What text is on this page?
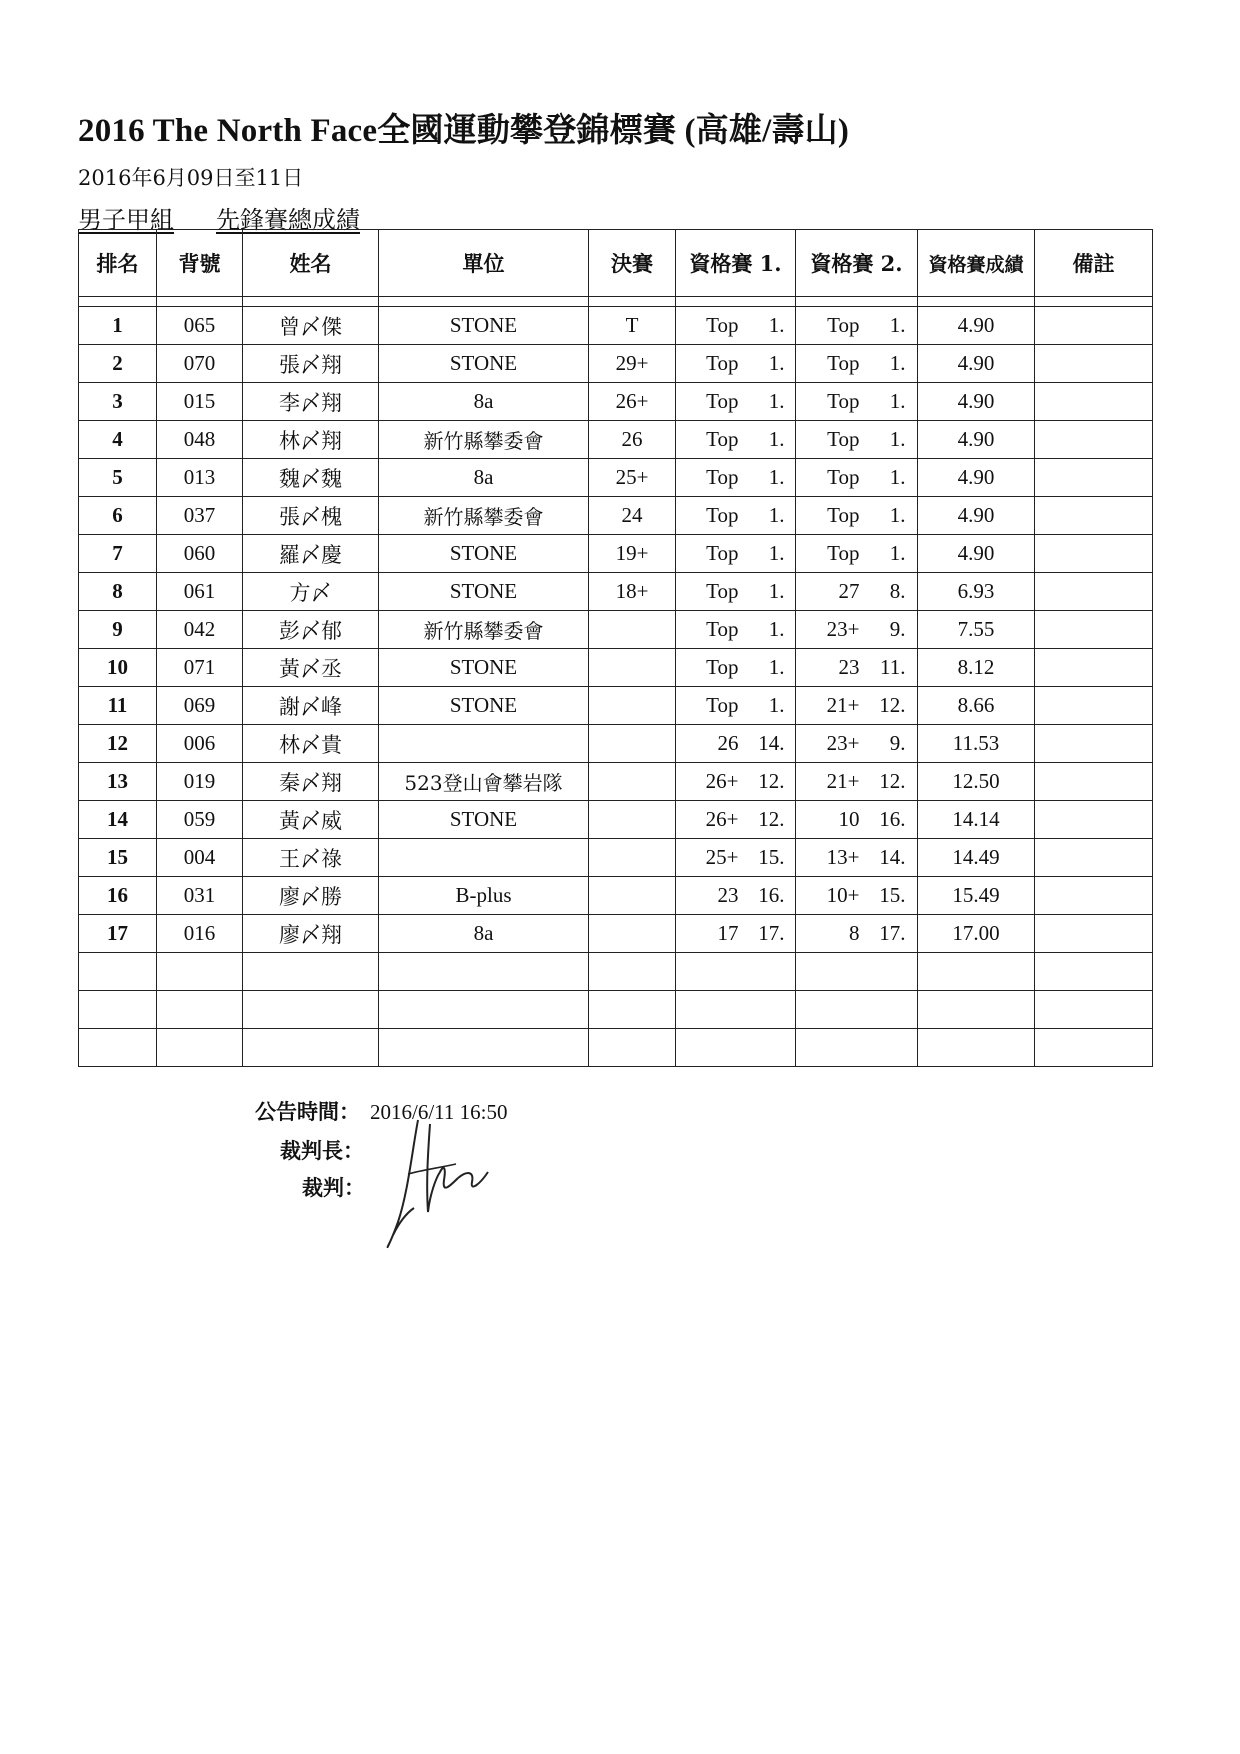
2016 The North Face全國運動攀登錦標賽 (高雄/壽山)
2016年6月09日至11日
男子甲組 先鋒賽總成績
排名	背號	姓名	單位	決賽	資格賽 1.	資格賽 2.	資格賽成績	備註

1	065	曾〆傑	STONE	T	Top 1.	Top 1.	4.90	
2	070	張〆翔	STONE	29+	Top 1.	Top 1.	4.90	
3	015	李〆翔	8a	26+	Top 1.	Top 1.	4.90	
4	048	林〆翔	新竹縣攀委會	26	Top 1.	Top 1.	4.90	
5	013	魏〆魏	8a	25+	Top 1.	Top 1.	4.90	
6	037	張〆槐	新竹縣攀委會	24	Top 1.	Top 1.	4.90	
7	060	羅〆慶	STONE	19+	Top 1.	Top 1.	4.90	
8	061	方〆	STONE	18+	Top 1.	27 8.	6.93	
9	042	彭〆郁	新竹縣攀委會		Top 1.	23+ 9.	7.55	
10	071	黃〆丞	STONE		Top 1.	23 11.	8.12	
11	069	謝〆峰	STONE		Top 1.	21+ 12.	8.66	
12	006	林〆貴			26 14.	23+ 9.	11.53	
13	019	秦〆翔	523登山會攀岩隊		26+ 12.	21+ 12.	12.50	
14	059	黃〆威	STONE		26+ 12.	10 16.	14.14	
15	004	王〆祿			25+ 15.	13+ 14.	14.49	
16	031	廖〆勝	B-plus		23 16.	10+ 15.	15.49	
17	016	廖〆翔	8a		17 17.	8 17.	17.00	

公告時間： 2016/6/11 16:50
裁判長：
裁判：
